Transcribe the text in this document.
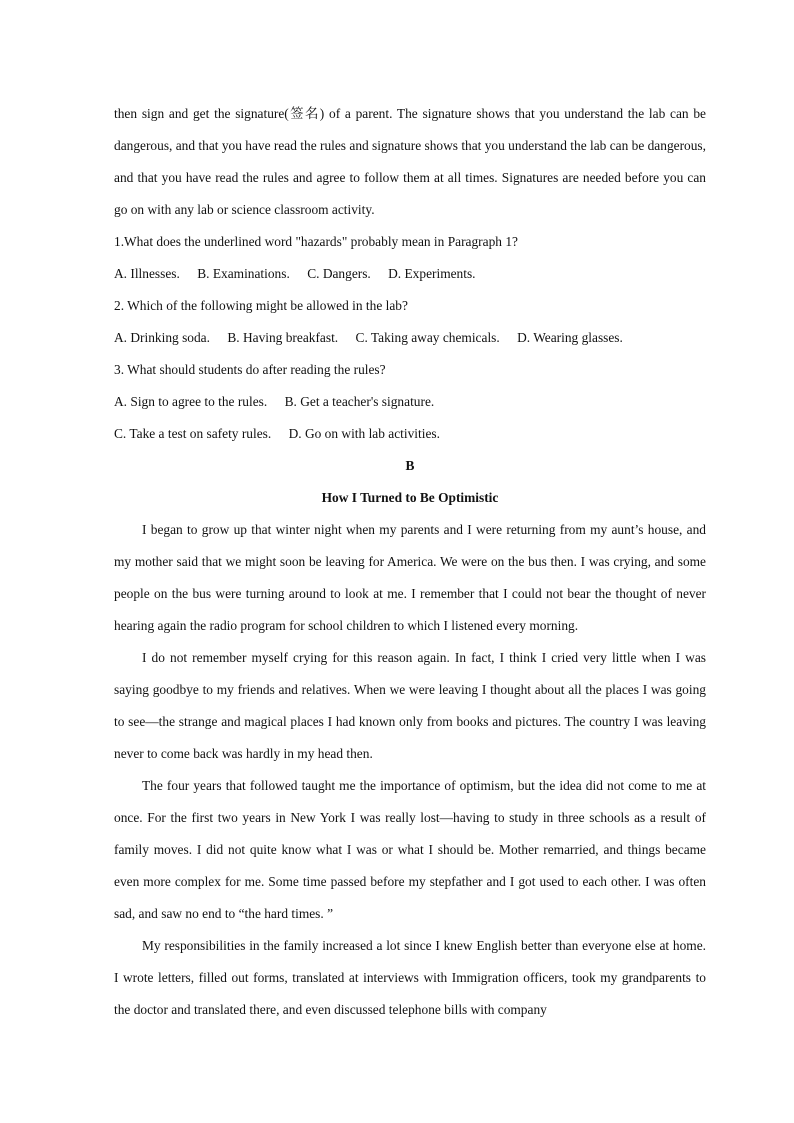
then sign and get the signature(签名) of a parent. The signature shows that you understand the lab can be dangerous, and that you have read the rules and signature shows that you understand the lab can be dangerous, and that you have read the rules and agree to follow them at all times. Signatures are needed before you can go on with any lab or science classroom activity.

1.What does the underlined word "hazards" probably mean in Paragraph 1?

A. Illnesses. B. Examinations. C. Dangers. D. Experiments.

2. Which of the following might be allowed in the lab?

A. Drinking soda. B. Having breakfast. C. Taking away chemicals. D. Wearing glasses.

3. What should students do after reading the rules?

A. Sign to agree to the rules. B. Get a teacher's signature.

C. Take a test on safety rules. D. Go on with lab activities.

B

How I Turned to Be Optimistic

I began to grow up that winter night when my parents and I were returning from my aunt’s house, and my mother said that we might soon be leaving for America. We were on the bus then. I was crying, and some people on the bus were turning around to look at me. I remember that I could not bear the thought of never hearing again the radio program for school children to which I listened every morning.

I do not remember myself crying for this reason again. In fact, I think I cried very little when I was saying goodbye to my friends and relatives. When we were leaving I thought about all the places I was going to see—the strange and magical places I had known only from books and pictures. The country I was leaving never to come back was hardly in my head then.

The four years that followed taught me the importance of optimism, but the idea did not come to me at once. For the first two years in New York I was really lost—having to study in three schools as a result of family moves. I did not quite know what I was or what I should be. Mother remarried, and things became even more complex for me. Some time passed before my stepfather and I got used to each other. I was often sad, and saw no end to “the hard times. ”

My responsibilities in the family increased a lot since I knew English better than everyone else at home. I wrote letters, filled out forms, translated at interviews with Immigration officers, took my grandparents to the doctor and translated there, and even discussed telephone bills with company
